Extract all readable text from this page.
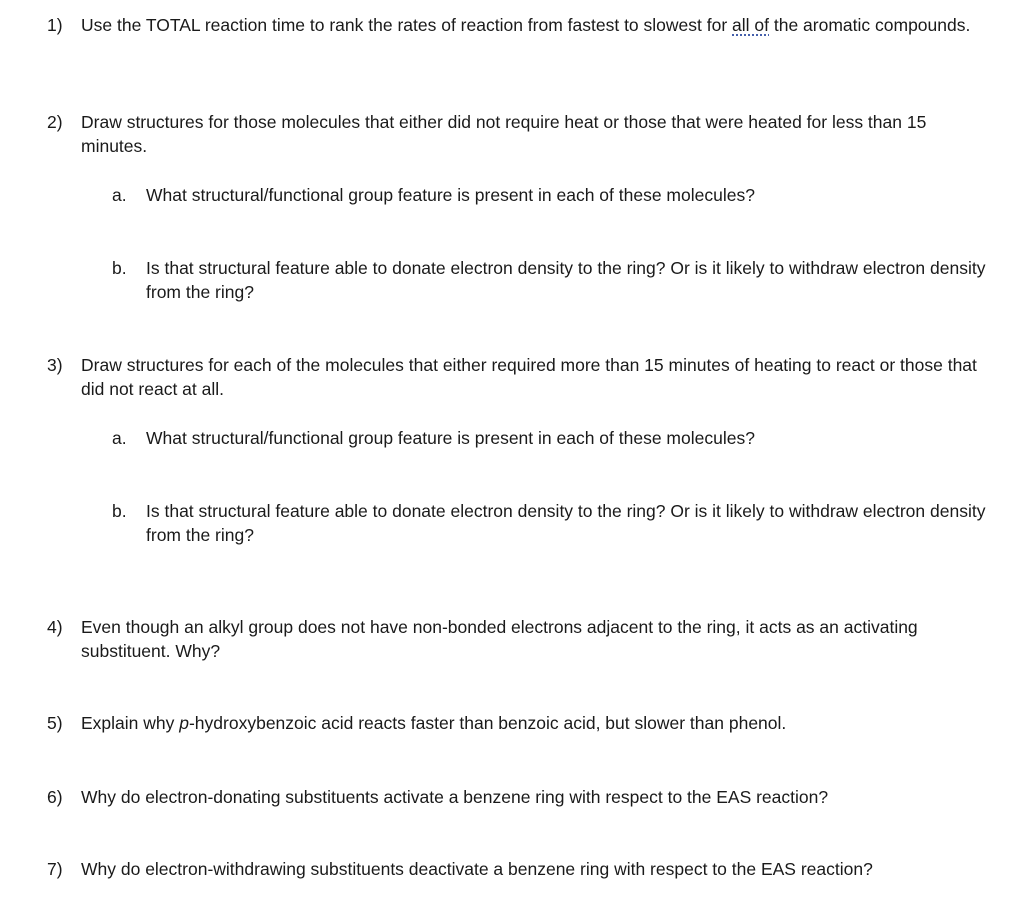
1) Use the TOTAL reaction time to rank the rates of reaction from fastest to slowest for all of the aromatic compounds.
2) Draw structures for those molecules that either did not require heat or those that were heated for less than 15 minutes.
a. What structural/functional group feature is present in each of these molecules?
b. Is that structural feature able to donate electron density to the ring? Or is it likely to withdraw electron density from the ring?
3) Draw structures for each of the molecules that either required more than 15 minutes of heating to react or those that did not react at all.
a. What structural/functional group feature is present in each of these molecules?
b. Is that structural feature able to donate electron density to the ring? Or is it likely to withdraw electron density from the ring?
4) Even though an alkyl group does not have non-bonded electrons adjacent to the ring, it acts as an activating substituent. Why?
5) Explain why p-hydroxybenzoic acid reacts faster than benzoic acid, but slower than phenol.
6) Why do electron-donating substituents activate a benzene ring with respect to the EAS reaction?
7) Why do electron-withdrawing substituents deactivate a benzene ring with respect to the EAS reaction?
